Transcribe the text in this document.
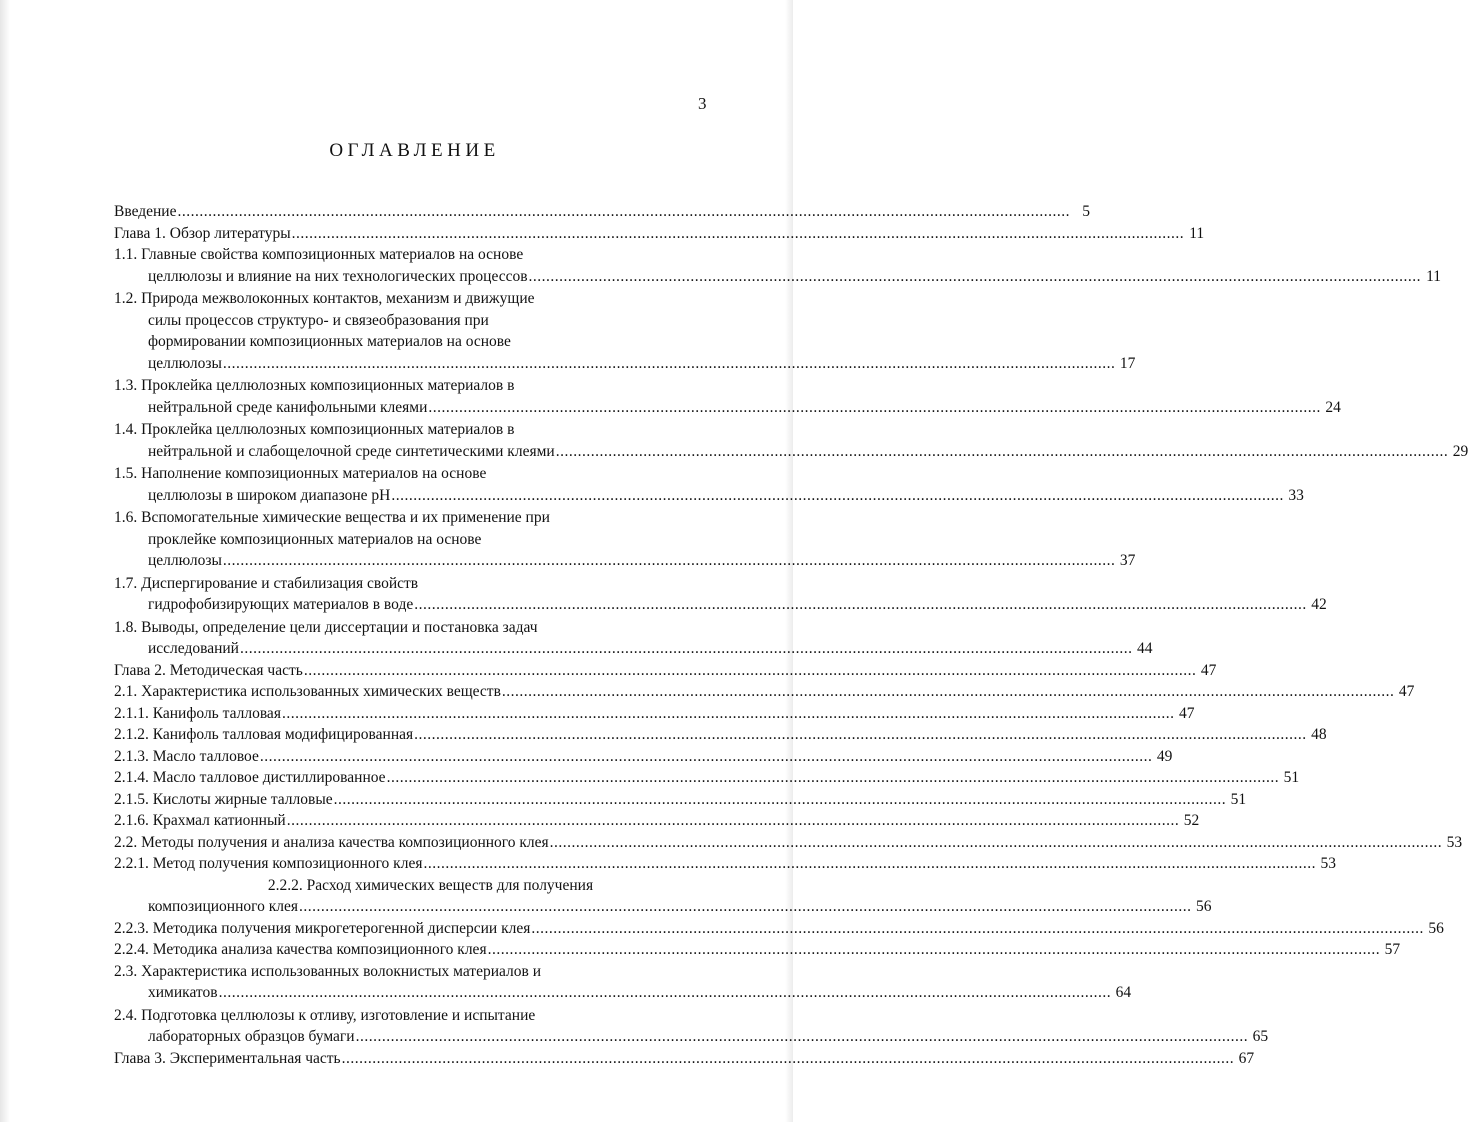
3
ОГЛАВЛЕНИЕ
Введение ............................................................................................................................................................................................................ 5
Глава 1. Обзор литературы ............................................................................................................................................................................................................ 11
1.1. Главные свойства композиционных материалов на основе
целлюлозы и влияние на них технологических процессов ............................................................................................................................................................................................................ 11
1.2. Природа межволоконных контактов, механизм и движущие
силы процессов структуро- и связеобразования при
формировании композиционных материалов на основе
целлюлозы ............................................................................................................................................................................................................ 17
1.3. Проклейка целлюлозных композиционных материалов в
нейтральной среде канифольными клеями ............................................................................................................................................................................................................ 24
1.4. Проклейка целлюлозных композиционных материалов в
нейтральной и слабощелочной среде синтетическими клеями ............................................................................................................................................................................................................ 29
1.5. Наполнение композиционных материалов на основе
целлюлозы в широком диапазоне pH ............................................................................................................................................................................................................ 33
1.6. Вспомогательные химические вещества и их применение при
проклейке композиционных материалов на основе
целлюлозы ............................................................................................................................................................................................................ 37
1.7. Диспергирование и стабилизация свойств
гидрофобизирующих материалов в воде ............................................................................................................................................................................................................ 42
1.8. Выводы, определение цели диссертации и постановка задач
исследований ............................................................................................................................................................................................................ 44
Глава 2. Методическая часть ............................................................................................................................................................................................................ 47
2.1. Характеристика использованных химических веществ ............................................................................................................................................................................................................ 47
2.1.1. Канифоль талловая ............................................................................................................................................................................................................ 47
2.1.2. Канифоль талловая модифицированная ............................................................................................................................................................................................................ 48
2.1.3. Масло талловое ............................................................................................................................................................................................................ 49
2.1.4. Масло талловое дистиллированное ............................................................................................................................................................................................................ 51
2.1.5. Кислоты жирные талловые ............................................................................................................................................................................................................ 51
2.1.6. Крахмал катионный ............................................................................................................................................................................................................ 52
2.2. Методы получения и анализа качества композиционного клея ............................................................................................................................................................................................................ 53
2.2.1. Метод получения композиционного клея ............................................................................................................................................................................................................ 53
2.2.2. Расход химических веществ для получения
композиционного клея ............................................................................................................................................................................................................ 56
2.2.3. Методика получения микрогетерогенной дисперсии клея ............................................................................................................................................................................................................ 56
2.2.4. Методика анализа качества композиционного клея ............................................................................................................................................................................................................ 57
2.3. Характеристика использованных волокнистых материалов и
химикатов ............................................................................................................................................................................................................ 64
2.4. Подготовка целлюлозы к отливу, изготовление и испытание
лабораторных образцов бумаги ............................................................................................................................................................................................................ 65
Глава 3. Экспериментальная часть ............................................................................................................................................................................................................ 67
